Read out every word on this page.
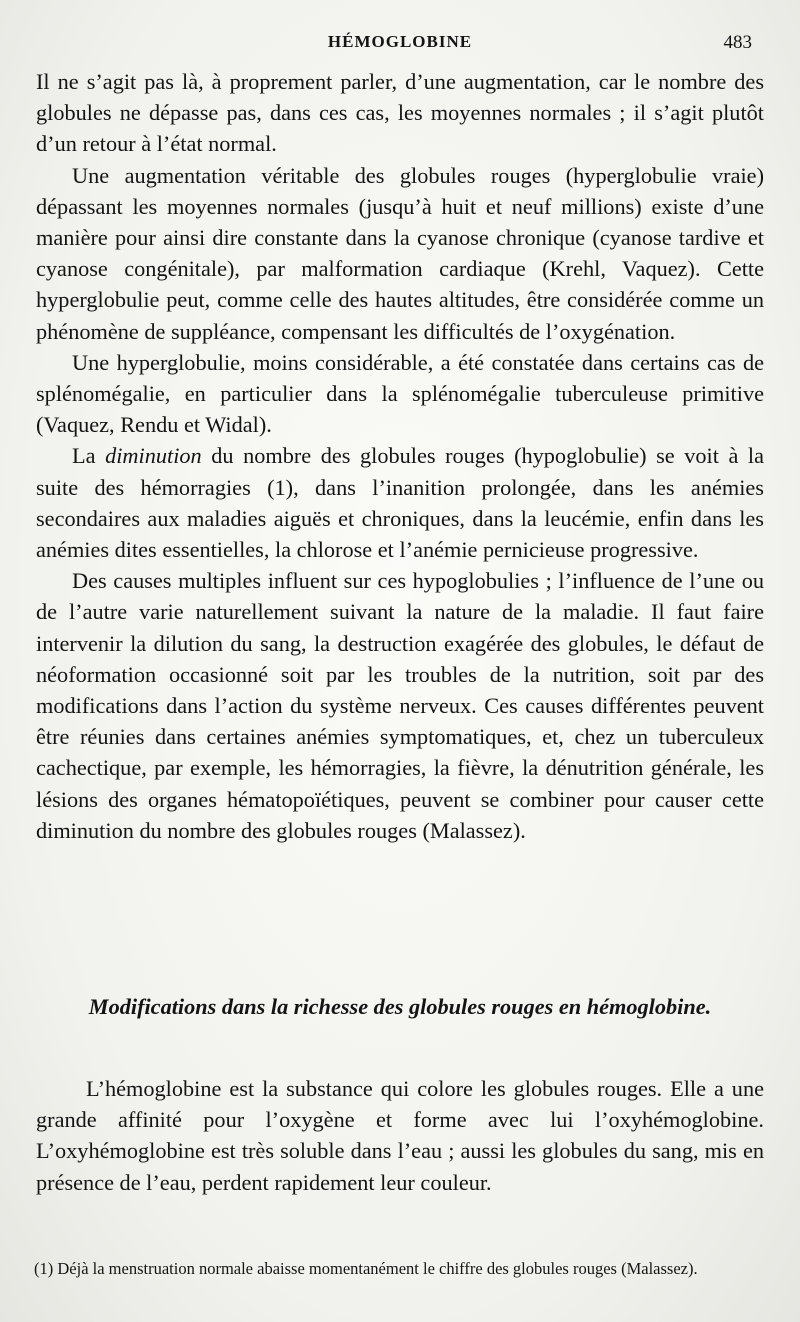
HÉMOGLOBINE	483

Il ne s’agit pas là, à proprement parler, d’une augmentation, car le nombre des globules ne dépasse pas, dans ces cas, les moyennes normales ; il s’agit plutôt d’un retour à l’état normal.

Une augmentation véritable des globules rouges (hyperglobulie vraie) dépassant les moyennes normales (jusqu’à huit et neuf millions) existe d’une manière pour ainsi dire constante dans la cyanose chronique (cyanose tardive et cyanose congénitale), par malformation cardiaque (Krehl, Vaquez). Cette hyperglobulie peut, comme celle des hautes altitudes, être considérée comme un phénomène de suppléance, compensant les difficultés de l’oxygénation.

Une hyperglobulie, moins considérable, a été constatée dans certains cas de splénomégalie, en particulier dans la splénomégalie tuberculeuse primitive (Vaquez, Rendu et Widal).

La diminution du nombre des globules rouges (hypoglobulie) se voit à la suite des hémorragies (1), dans l’inanition prolongée, dans les anémies secondaires aux maladies aiguës et chroniques, dans la leucémie, enfin dans les anémies dites essentielles, la chlorose et l’anémie pernicieuse progressive.

Des causes multiples influent sur ces hypoglobulies ; l’influence de l’une ou de l’autre varie naturellement suivant la nature de la maladie. Il faut faire intervenir la dilution du sang, la destruction exagérée des globules, le défaut de néoformation occasionné soit par les troubles de la nutrition, soit par des modifications dans l’action du système nerveux. Ces causes différentes peuvent être réunies dans certaines anémies symptomatiques, et, chez un tuberculeux cachectique, par exemple, les hémorragies, la fièvre, la dénutrition générale, les lésions des organes hématopoïétiques, peuvent se combiner pour causer cette diminution du nombre des globules rouges (Malassez).

Modifications dans la richesse des globules rouges en hémoglobine.

L’hémoglobine est la substance qui colore les globules rouges. Elle a une grande affinité pour l’oxygène et forme avec lui l’oxyhémoglobine. L’oxyhémoglobine est très soluble dans l’eau ; aussi les globules du sang, mis en présence de l’eau, perdent rapidement leur couleur.

(1) Déjà la menstruation normale abaisse momentanément le chiffre des globules rouges (Malassez).
